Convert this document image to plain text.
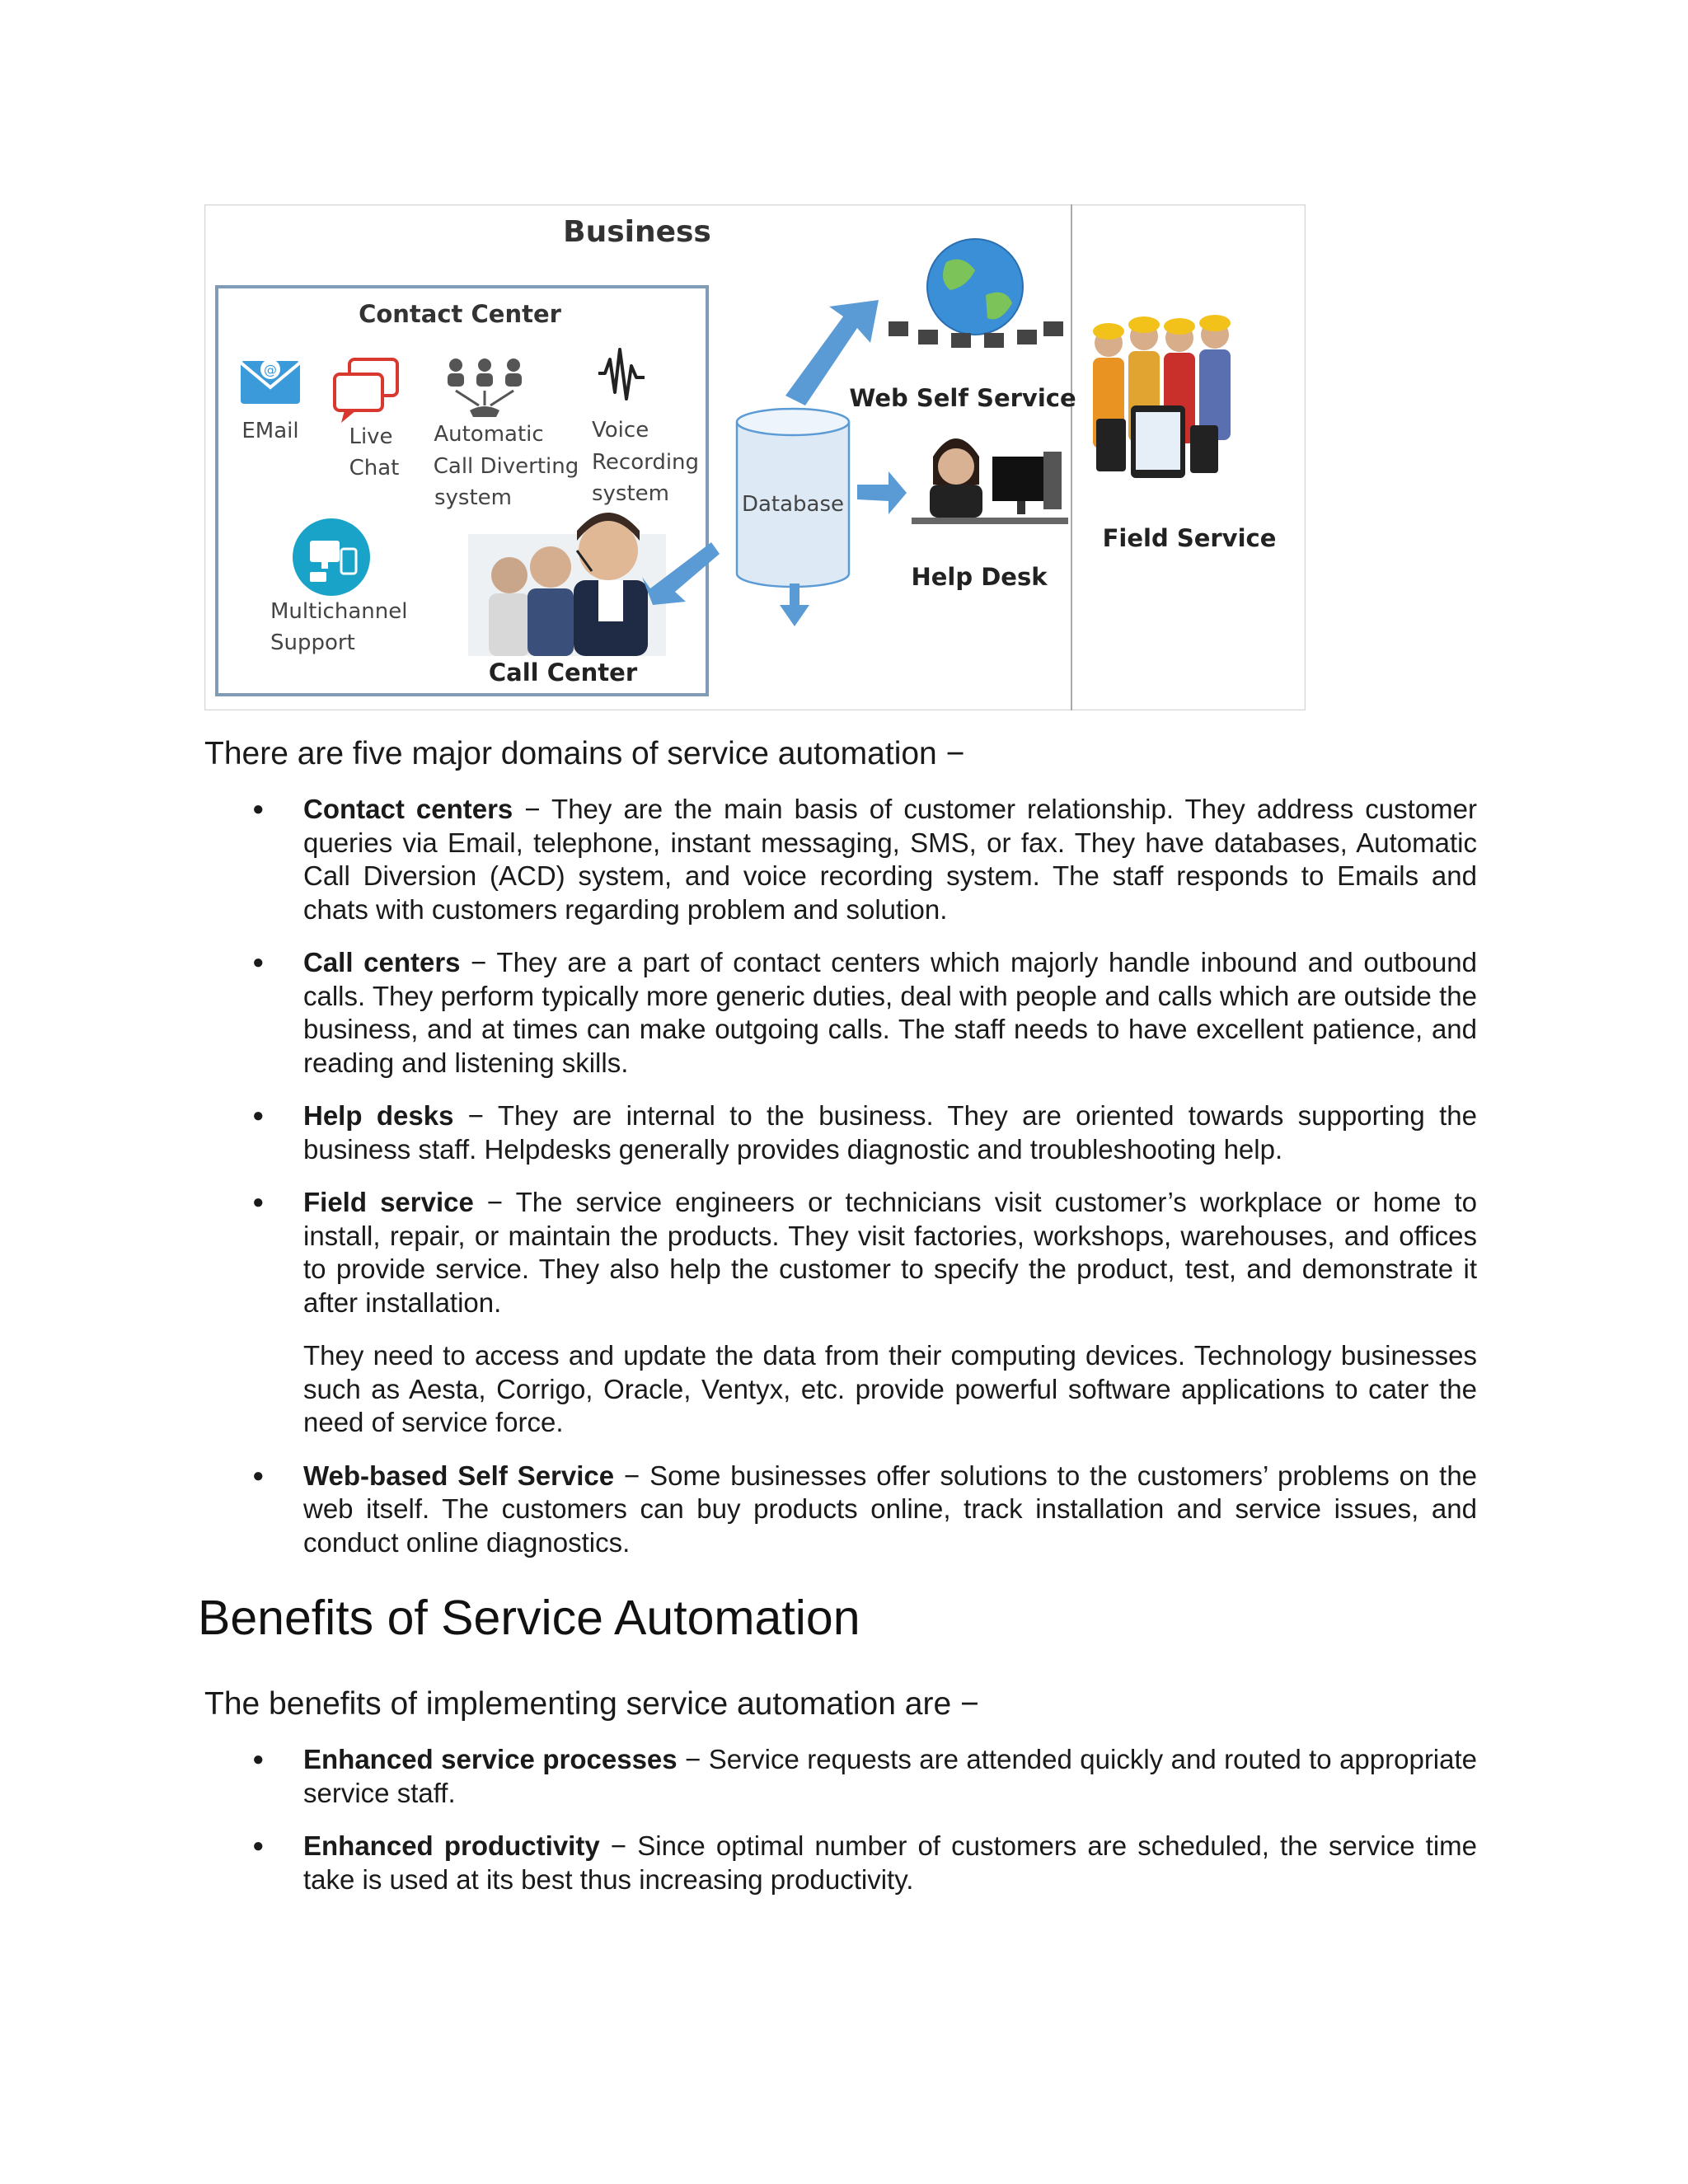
Business
Contact Center
@
EMail Live
Chat
Automatic
Call Diverting
system
Voice
Recording
system
Multichannel
Support
Call Center
Database
Web Self Service
Help Desk
Field Service

There are five major domains of service automation −

● Contact centers − They are the main basis of customer relationship. They address customer queries via Email, telephone, instant messaging, SMS, or fax. They have databases, Automatic Call Diversion (ACD) system, and voice recording system. The staff responds to Emails and chats with customers regarding problem and solution.
● Call centers − They are a part of contact centers which majorly handle inbound and outbound calls. They perform typically more generic duties, deal with people and calls which are outside the business, and at times can make outgoing calls. The staff needs to have excellent patience, and reading and listening skills.
● Help desks − They are internal to the business. They are oriented towards supporting the business staff. Helpdesks generally provides diagnostic and troubleshooting help.

● Field service − The service engineers or technicians visit customer’s workplace or home to install, repair, or maintain the products. They visit factories, workshops, warehouses, and offices to provide service. They also help the customer to specify the product, test, and demonstrate it after installation.

They need to access and update the data from their computing devices. Technology businesses such as Aesta, Corrigo, Oracle, Ventyx, etc. provide powerful software applications to cater the need of service force.

● Web-based Self Service − Some businesses offer solutions to the customers’ problems on the web itself. The customers can buy products online, track installation and service issues, and conduct online diagnostics.
Benefits of Service Automation

The benefits of implementing service automation are −

● Enhanced service processes − Service requests are attended quickly and routed to appropriate service staff.
● Enhanced productivity − Since optimal number of customers are scheduled, the service time take is used at its best thus increasing productivity.
